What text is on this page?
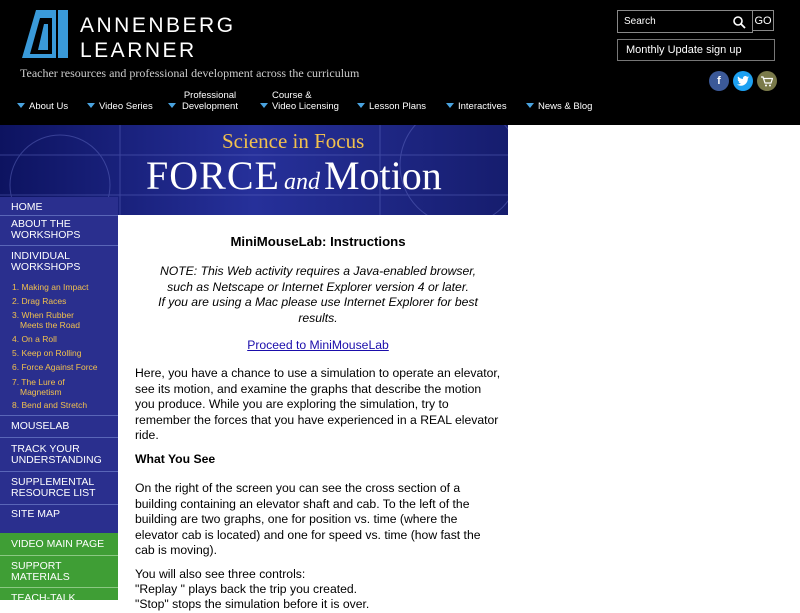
ANNENBERG
LEARNER
Teacher resources and professional development across the curriculum
Search
GO
Monthly Update sign up
f
About Us	Video Series
Professional
Development
Course &
Video Licensing	Lesson Plans	Interactives	News & Blog
Science in Focus
FORCE and Motion
HOME
ABOUT THE
WORKSHOPS
INDIVIDUAL
WORKSHOPS
1. Making an Impact
2. Drag Races
3. When Rubber
Meets the Road
4. On a Roll
5. Keep on Rolling
6. Force Against Force
7. The Lure of
Magnetism
8. Bend and Stretch
MOUSELAB
TRACK YOUR
UNDERSTANDING
SUPPLEMENTAL
RESOURCE LIST
SITE MAP
VIDEO MAIN PAGE
SUPPORT
MATERIALS
TEACH-TALK
MiniMouseLab: Instructions
NOTE: This Web activity requires a Java-enabled browser,
such as Netscape or Internet Explorer version 4 or later.
If you are using a Mac please use Internet Explorer for best
results.
Proceed to MiniMouseLab
Here, you have a chance to use a simulation to operate an elevator, see its motion, and examine the graphs that describe the motion you produce. While you are exploring the simulation, try to remember the forces that you have experienced in a REAL elevator ride.
What You See
On the right of the screen you can see the cross section of a building containing an elevator shaft and cab. To the left of the building are two graphs, one for position vs. time (where the elevator cab is located) and one for speed vs. time (how fast the cab is moving).
You will also see three controls:
"Replay " plays back the trip you created.
"Stop" stops the simulation before it is over.
